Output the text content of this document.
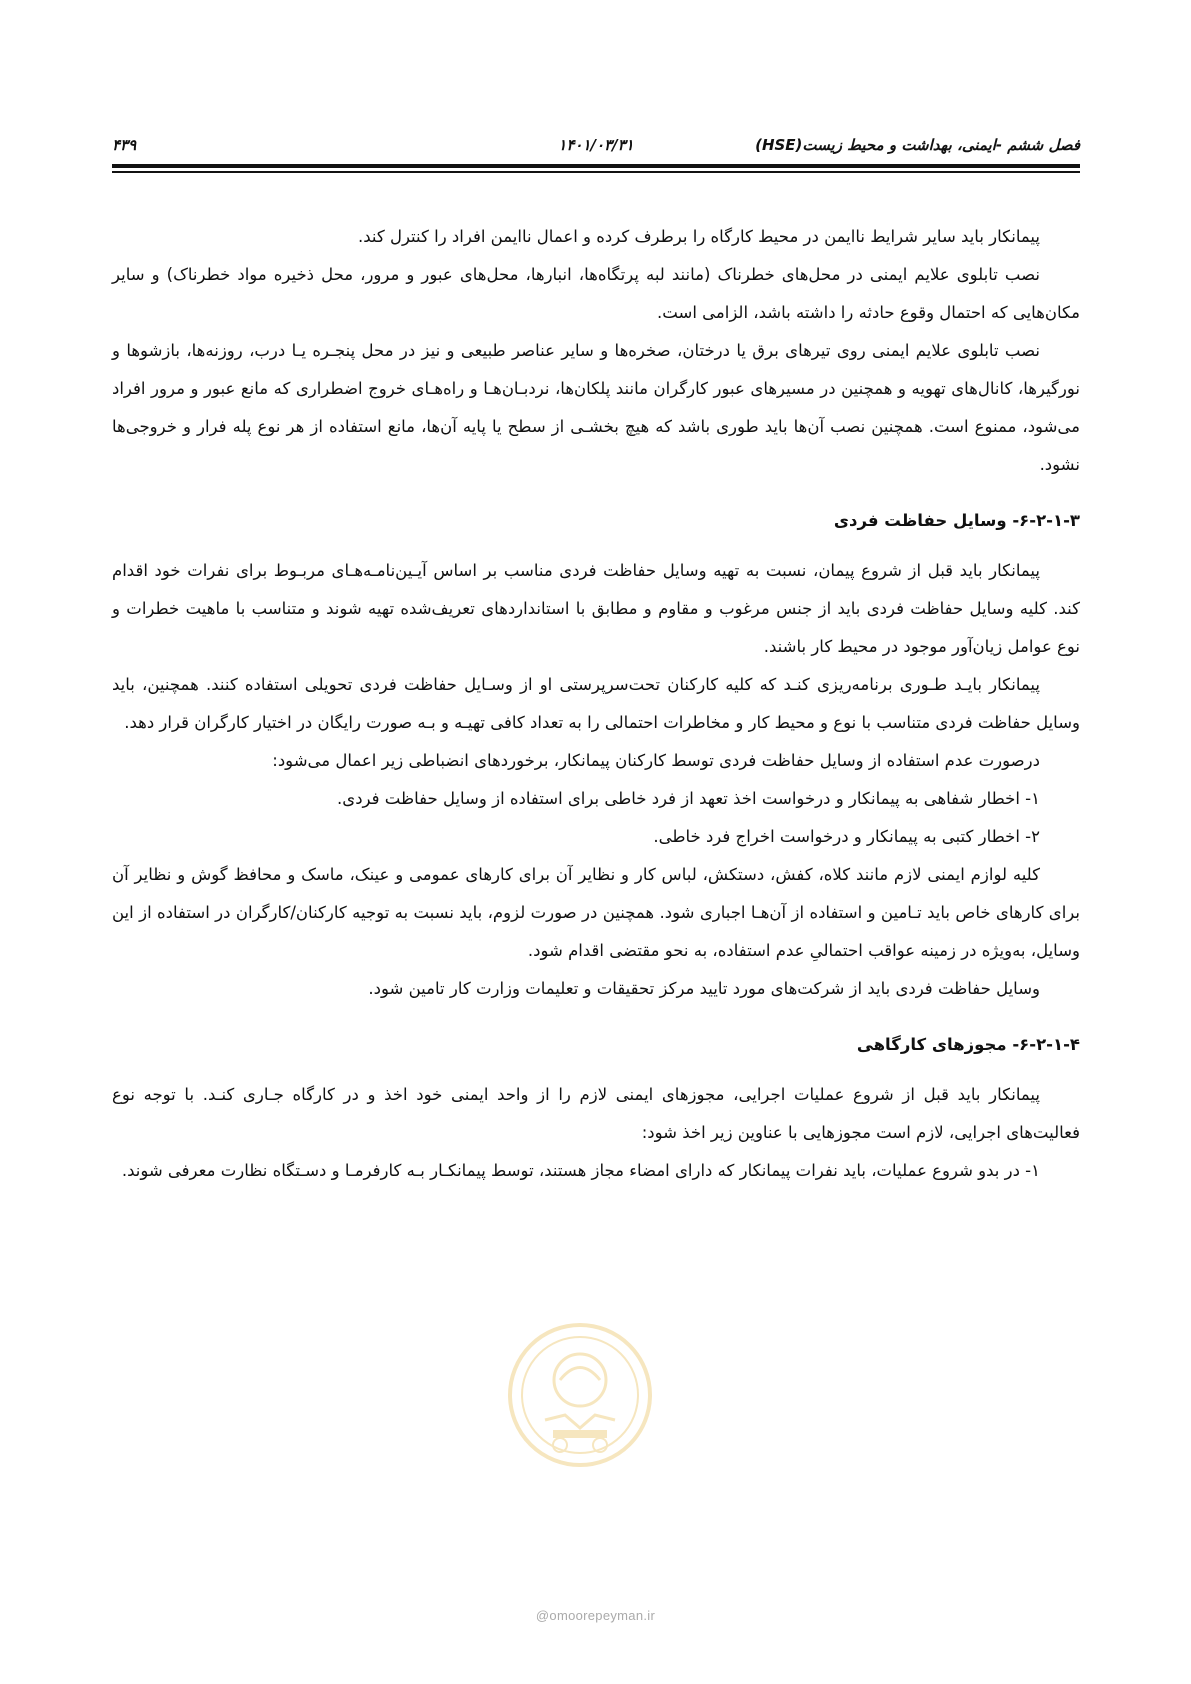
فصل ششم -ایمنی، بهداشت و محیط زیست(HSE)
۱۴۰۱/۰۳/۳۱
۴۳۹

پیمانکار باید سایر شرایط ناایمن در محیط کارگاه را برطرف کرده و اعمال ناایمن افراد را کنترل کند.

نصب تابلوی علایم ایمنی در محل‌های خطرناک (مانند لبه پرتگاه‌ها، انبارها، محل‌های عبور و مرور، محل ذخیره مواد خطرناک) و سایر مکان‌هایی که احتمال وقوع حادثه را داشته باشد، الزامی است.

نصب تابلوی علایم ایمنی روی تیرهای برق یا درختان، صخره‌ها و سایر عناصر طبیعی و نیز در محل پنجـره یـا درب، روزنه‌ها، بازشوها و نورگیرها، کانال‌های تهویه و همچنین در مسیرهای عبور کارگران مانند پلکان‌ها، نردبـان‌هـا و راه‌هـای خروج اضطراری که مانع عبور و مرور افراد می‌شود، ممنوع است. همچنین نصب آن‌ها باید طوری باشد که هیچ بخشـی از سطح یا پایه آن‌ها، مانع استفاده از هر نوع پله فرار و خروجی‌ها نشود.

۶-۲-۱-۳- وسایل حفاظت فردی

پیمانکار باید قبل از شروع پیمان، نسبت به تهیه وسایل حفاظت فردی مناسب بر اساس آیـین‌نامـه‌هـای مربـوط برای نفرات خود اقدام کند. کلیه وسایل حفاظت فردی باید از جنس مرغوب و مقاوم و مطابق با استانداردهای تعریف‌شده تهیه شوند و متناسب با ماهیت خطرات و نوع عوامل زیان‌آور موجود در محیط کار باشند.

پیمانکار بایـد طـوری برنامه‌ریزی کنـد که کلیه کارکنان تحت‌سرپرستی او از وسـایل حفاظت فردی تحویلی استفاده کنند. همچنین، باید وسایل حفاظت فردی متناسب با نوع و محیط کار و مخاطرات احتمالی را به تعداد کافی تهیـه و بـه صورت رایگان در اختیار کارگران قرار دهد.

درصورت عدم استفاده از وسایل حفاظت فردی توسط کارکنان پیمانکار، برخوردهای انضباطی زیر اعمال می‌شود:

۱- اخطار شفاهی به پیمانکار و درخواست اخذ تعهد از فرد خاطی برای استفاده از وسایل حفاظت فردی.

۲- اخطار کتبی به پیمانکار و درخواست اخراج فرد خاطی.

کلیه لوازم ایمنی لازم مانند کلاه، کفش، دستکش، لباس کار و نظایر آن برای کارهای عمومی و عینک، ماسک و محافظ گوش و نظایر آن برای کارهای خاص باید تـامین و استفاده از آن‌هـا اجباری شود. همچنین در صورت لزوم، باید نسبت به توجیه کارکنان/کارگران در استفاده از این وسایل، به‌ویژه در زمینه عواقب احتمالیِ عدم استفاده، به نحو مقتضی اقدام شود.

وسایل حفاظت فردی باید از شرکت‌های مورد تایید مرکز تحقیقات و تعلیمات وزارت کار تامین شود.

۶-۲-۱-۴- مجوزهای کارگاهی

پیمانکار باید قبل از شروع عملیات اجرایی، مجوزهای ایمنی لازم را از واحد ایمنی خود اخذ و در کارگاه جـاری کنـد. با توجه نوع فعالیت‌های اجرایی، لازم است مجوزهایی با عناوین زیر اخذ شود:

۱- در بدو شروع عملیات، باید نفرات پیمانکار که دارای امضاء مجاز هستند، توسط پیمانکـار بـه کارفرمـا و دسـتگاه نظارت معرفی شوند.

@omoorepeyman.ir
